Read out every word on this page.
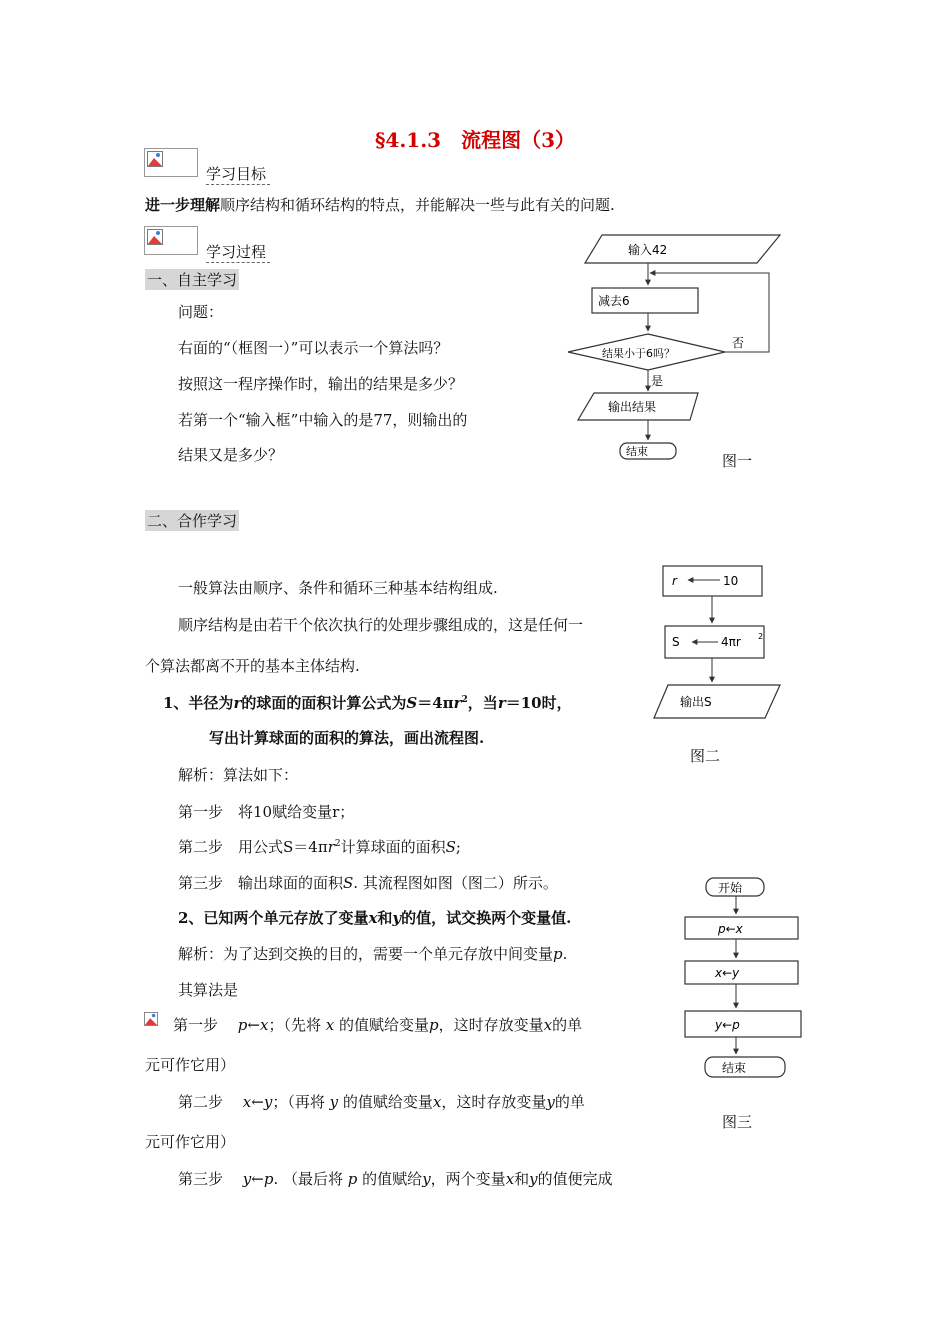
§4.1.3　流程图（3）
学习目标
进一步理解顺序结构和循环结构的特点，并能解决一些与此有关的问题.
学习过程
一、自主学习
问题：
右面的“（框图一）”可以表示一个算法吗？
按照这一程序操作时，输出的结果是多少？
若第一个“输入框”中输入的是77，则输出的
结果又是多少？
输入42
减去6
结果小于6吗？
否
是
输出结果
结束
图一
二、合作学习
一般算法由顺序、条件和循环三种基本结构组成.
顺序结构是由若干个依次执行的处理步骤组成的，这是任何一
个算法都离不开的基本主体结构.
r	10
S	4πr 2
输出S
图二
1、半径为r的球面的面积计算公式为$S=4\pi r^2$，当r＝10时，
写出计算球面的面积的算法，画出流程图.
解析：算法如下：
第一步　将10赋给变量r；
第二步　用公式$S=4\pi r^2$计算球面的面积S;
第三步　输出球面的面积S. 其流程图如图（图二）所示。	开始
p←x
x←y
y←p
结束
图三
2、已知两个单元存放了变量x和y的值，试交换两个变量值.
解析：为了达到交换的目的，需要一个单元存放中间变量p.
其算法是
第一步　 p←x；（先将 x 的值赋给变量p，这时存放变量x的单
元可作它用）
第二步　 x←y；（再将 y 的值赋给变量x，这时存放变量y的单
元可作它用）
第三步　 y←p. （最后将 p 的值赋给y，两个变量x和y的值便完成
